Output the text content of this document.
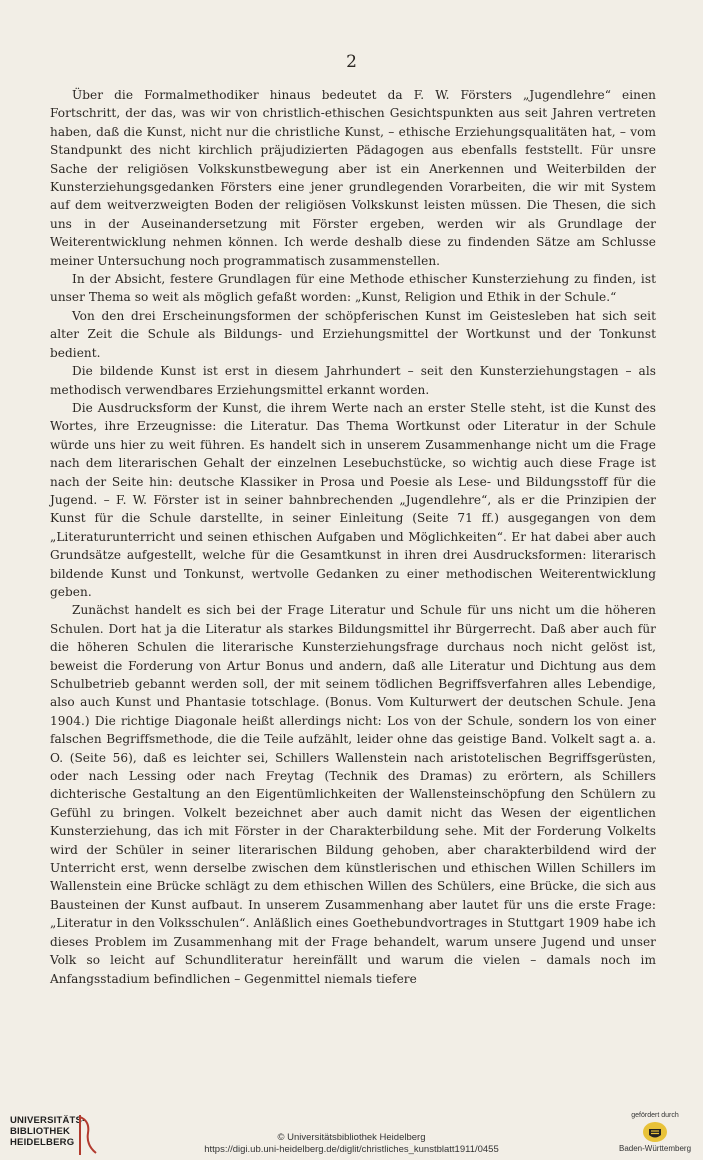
2

Über die Formalmethodiker hinaus bedeutet da F. W. Försters „Jugendlehre“ einen Fortschritt, der das, was wir von christlich-ethischen Gesichtspunkten aus seit Jahren vertreten haben, daß die Kunst, nicht nur die christliche Kunst, – ethische Erziehungsqualitäten hat, – vom Standpunkt des nicht kirchlich präjudizierten Pädagogen aus ebenfalls feststellt. Für unsre Sache der religiösen Volkskunstbewegung aber ist ein Anerkennen und Weiterbilden der Kunsterziehungsgedanken Försters eine jener grundlegenden Vorarbeiten, die wir mit System auf dem weitverzweigten Boden der religiösen Volkskunst leisten müssen. Die Thesen, die sich uns in der Auseinandersetzung mit Förster ergeben, werden wir als Grundlage der Weiterentwicklung nehmen können. Ich werde deshalb diese zu findenden Sätze am Schlusse meiner Untersuchung noch programmatisch zusammenstellen.

In der Absicht, festere Grundlagen für eine Methode ethischer Kunsterziehung zu finden, ist unser Thema so weit als möglich gefaßt worden: „Kunst, Religion und Ethik in der Schule.“

Von den drei Erscheinungsformen der schöpferischen Kunst im Geistesleben hat sich seit alter Zeit die Schule als Bildungs- und Erziehungsmittel der Wortkunst und der Tonkunst bedient.

Die bildende Kunst ist erst in diesem Jahrhundert – seit den Kunsterziehungstagen – als methodisch verwendbares Erziehungsmittel erkannt worden.

Die Ausdrucksform der Kunst, die ihrem Werte nach an erster Stelle steht, ist die Kunst des Wortes, ihre Erzeugnisse: die Literatur. Das Thema Wortkunst oder Literatur in der Schule würde uns hier zu weit führen. Es handelt sich in unserem Zusammenhange nicht um die Frage nach dem literarischen Gehalt der einzelnen Lesebuchstücke, so wichtig auch diese Frage ist nach der Seite hin: deutsche Klassiker in Prosa und Poesie als Lese- und Bildungsstoff für die Jugend. – F. W. Förster ist in seiner bahnbrechenden „Jugendlehre“, als er die Prinzipien der Kunst für die Schule darstellte, in seiner Einleitung (Seite 71 ff.) ausgegangen von dem „Literaturunterricht und seinen ethischen Aufgaben und Möglichkeiten“. Er hat dabei aber auch Grundsätze aufgestellt, welche für die Gesamtkunst in ihren drei Ausdrucksformen: literarisch bildende Kunst und Tonkunst, wertvolle Gedanken zu einer methodischen Weiterentwicklung geben.

Zunächst handelt es sich bei der Frage Literatur und Schule für uns nicht um die höheren Schulen. Dort hat ja die Literatur als starkes Bildungsmittel ihr Bürgerrecht. Daß aber auch für die höheren Schulen die literarische Kunsterziehungsfrage durchaus noch nicht gelöst ist, beweist die Forderung von Artur Bonus und andern, daß alle Literatur und Dichtung aus dem Schulbetrieb gebannt werden soll, der mit seinem tödlichen Begriffsverfahren alles Lebendige, also auch Kunst und Phantasie totschlage. (Bonus. Vom Kulturwert der deutschen Schule. Jena 1904.) Die richtige Diagonale heißt allerdings nicht: Los von der Schule, sondern los von einer falschen Begriffsmethode, die die Teile aufzählt, leider ohne das geistige Band. Volkelt sagt a. a. O. (Seite 56), daß es leichter sei, Schillers Wallenstein nach aristotelischen Begriffsgerüsten, oder nach Lessing oder nach Freytag (Technik des Dramas) zu erörtern, als Schillers dichterische Gestaltung an den Eigentümlichkeiten der Wallensteinschöpfung den Schülern zu Gefühl zu bringen. Volkelt bezeichnet aber auch damit nicht das Wesen der eigentlichen Kunsterziehung, das ich mit Förster in der Charakterbildung sehe. Mit der Forderung Volkelts wird der Schüler in seiner literarischen Bildung gehoben, aber charakterbildend wird der Unterricht erst, wenn derselbe zwischen dem künstlerischen und ethischen Willen Schillers im Wallenstein eine Brücke schlägt zu dem ethischen Willen des Schülers, eine Brücke, die sich aus Bausteinen der Kunst aufbaut. In unserem Zusammenhang aber lautet für uns die erste Frage: „Literatur in den Volksschulen“. Anläßlich eines Goethebundvortrages in Stuttgart 1909 habe ich dieses Problem im Zusammenhang mit der Frage behandelt, warum unsere Jugend und unser Volk so leicht auf Schundliteratur hereinfällt und warum die vielen – damals noch im Anfangsstadium befindlichen – Gegenmittel niemals tiefere

UNIVERSITÄTS-
BIBLIOTHEK
HEIDELBERG	© Universitätsbibliothek Heidelberg
https://digi.ub.uni-heidelberg.de/diglit/christliches_kunstblatt1911/0455
gefördert durch
Baden-Württemberg
